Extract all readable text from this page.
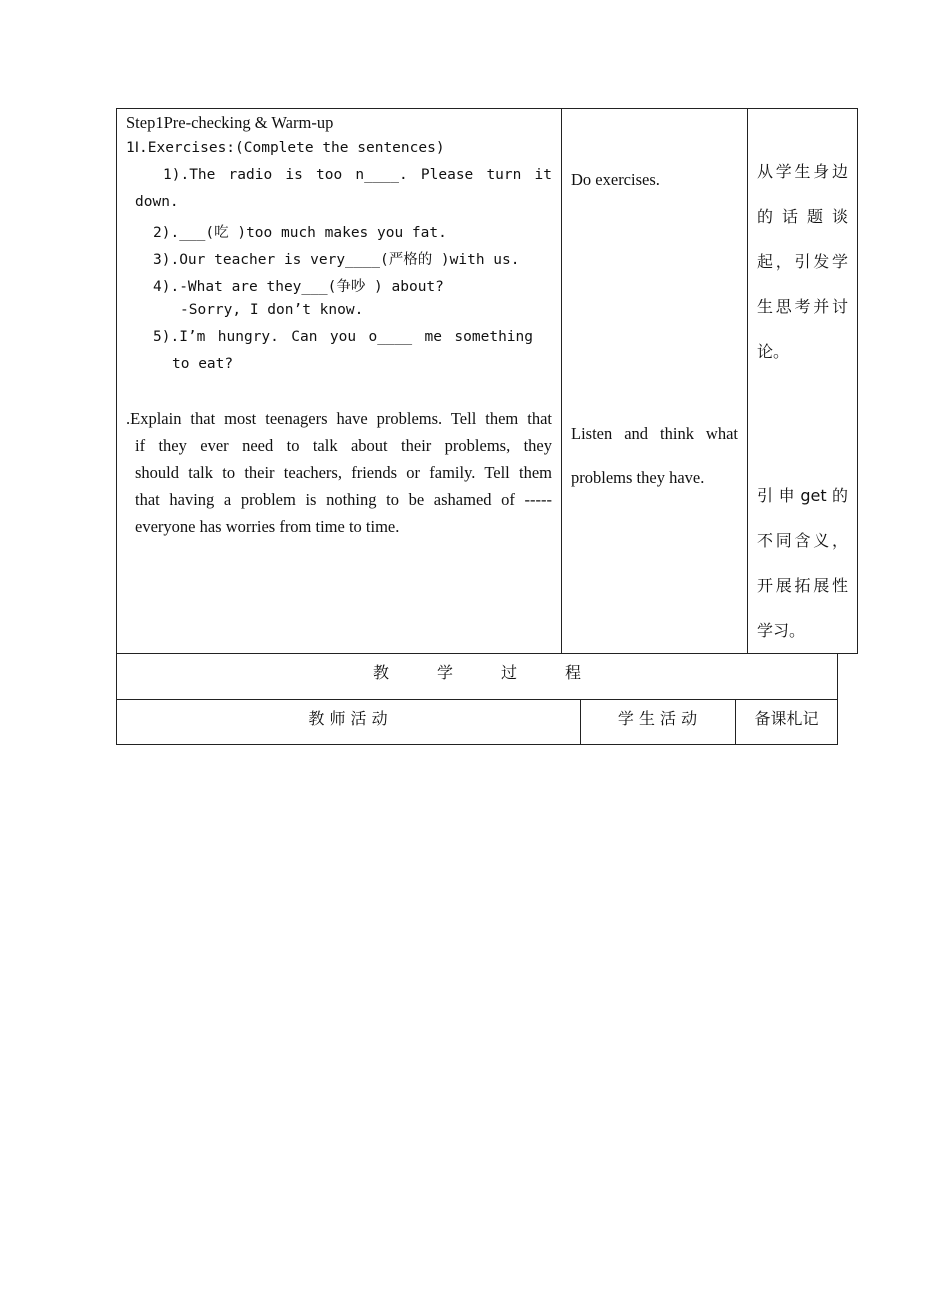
Step1Pre-checking & Warm-up
1Ⅰ.Exercises:(Complete the sentences)
1).The radio is too n____. Please turn it
down.
2).___(吃 )too much makes you fat.
3).Our teacher is very____(严格的 )with us.
4).-What are they___(争吵 ) about?
-Sorry, I don’t know.
5).I’m hungry. Can you o____ me something
to eat?
.Explain that most teenagers have problems. Tell them that
if they ever need to talk about their problems, they
should talk to their teachers, friends or family. Tell them
that having a problem is nothing to be ashamed of -----
everyone has worries from time to time.
Do exercises.
Listen and think what
problems they have.
从学生身边
的 话 题 谈
起，引发学
生思考并讨
论。
引 申 get 的
不同含义，
开展拓展性
学习。
教　　　学　　　过　　　程
教 师 活 动	学 生 活 动	备课札记
